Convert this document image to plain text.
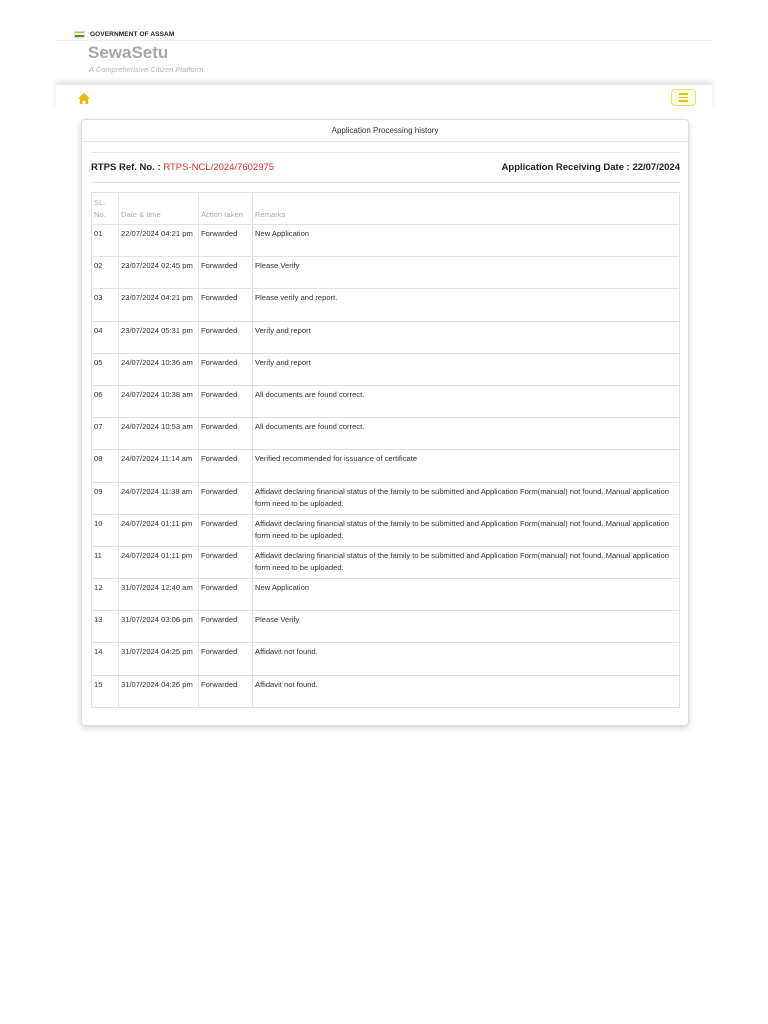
GOVERNMENT OF ASSAM
SewaSetu
A Comprehensive Citizen Platform
Application Processing history
RTPS Ref. No. : RTPS-NCL/2024/7602975	Application Receiving Date : 22/07/2024
SL. No.	Date & time	Action taken	Remarks
01	22/07/2024 04:21 pm	Forwarded	New Application
02	23/07/2024 02:45 pm	Forwarded	Please Verify
03	23/07/2024 04:21 pm	Forwarded	Please verify and report.
04	23/07/2024 05:31 pm	Forwarded	Verify and report
05	24/07/2024 10:36 am	Forwarded	Verify and report
06	24/07/2024 10:38 am	Forwarded	All documents are found correct.
07	24/07/2024 10:53 am	Forwarded	All documents are found correct.
08	24/07/2024 11:14 am	Forwarded	Verified recommended for issuance of certificate
09	24/07/2024 11:38 am	Forwarded	Affidavit declaring financial status of the family to be submitted and Application Form(manual) not found. Manual application form need to be uploaded.
10	24/07/2024 01:11 pm	Forwarded	Affidavit declaring financial status of the family to be submitted and Application Form(manual) not found. Manual application form need to be uploaded.
11	24/07/2024 01:11 pm	Forwarded	Affidavit declaring financial status of the family to be submitted and Application Form(manual) not found. Manual application form need to be uploaded.
12	31/07/2024 12:40 am	Forwarded	New Application
13	31/07/2024 03:06 pm	Forwarded	Please Verify
14	31/07/2024 04:25 pm	Forwarded	Affidavit not found.
15	31/07/2024 04:26 pm	Forwarded	Affidavit not found.
